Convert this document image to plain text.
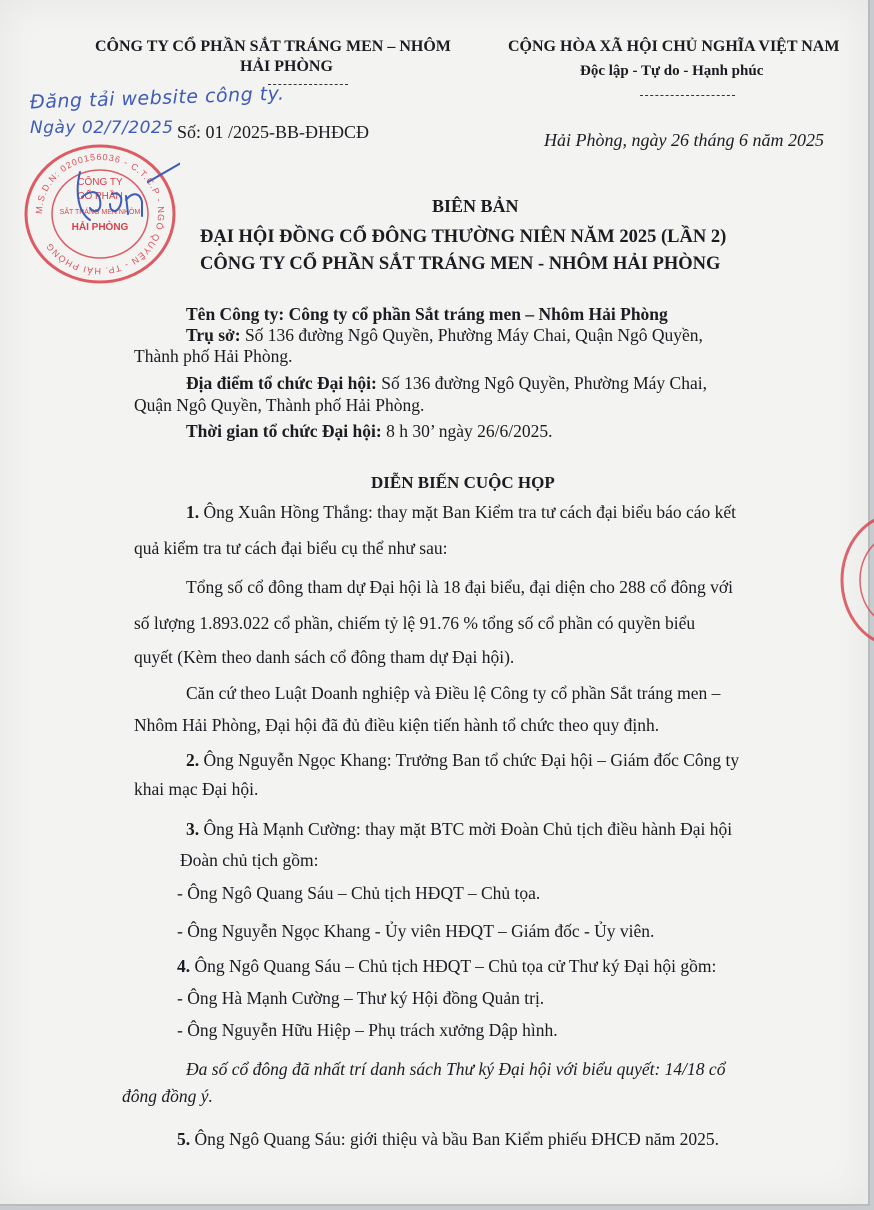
CÔNG TY CỔ PHẦN SẮT TRÁNG MEN – NHÔM
HẢI PHÒNG
CỘNG HÒA XÃ HỘI CHỦ NGHĨA VIỆT NAM
Độc lập - Tự do - Hạnh phúc
Đăng tải website công ty.
Ngày 02/7/2025 Số: 01 /2025-BB-ĐHĐCĐ	Hải Phòng, ngày 26 tháng 6 năm 2025
M.S.D.N: 0200156036 - C.T.C.P - NGÔ QUYỀN - TP. HẢI PHÒNG
CÔNG TY
CỔ PHẦN
SẮT TRÁNG MEN NHÔM
HẢI PHÒNG
BIÊN BẢN
ĐẠI HỘI ĐỒNG CỔ ĐÔNG THƯỜNG NIÊN NĂM 2025 (LẦN 2)
CÔNG TY CỔ PHẦN SẮT TRÁNG MEN - NHÔM HẢI PHÒNG
Tên Công ty: Công ty cổ phần Sắt tráng men – Nhôm Hải Phòng
Trụ sở: Số 136 đường Ngô Quyền, Phường Máy Chai, Quận Ngô Quyền,
Thành phố Hải Phòng.
Địa điểm tổ chức Đại hội: Số 136 đường Ngô Quyền, Phường Máy Chai,
Quận Ngô Quyền, Thành phố Hải Phòng.
Thời gian tổ chức Đại hội: 8 h 30’ ngày 26/6/2025.
DIỄN BIẾN CUỘC HỌP
1. Ông Xuân Hồng Thắng: thay mặt Ban Kiểm tra tư cách đại biểu báo cáo kết
quả kiểm tra tư cách đại biểu cụ thể như sau:
Tổng số cổ đông tham dự Đại hội là 18 đại biểu, đại diện cho 288 cổ đông với
số lượng 1.893.022 cổ phần, chiếm tỷ lệ 91.76 % tổng số cổ phần có quyền biểu
quyết (Kèm theo danh sách cổ đông tham dự Đại hội).
Căn cứ theo Luật Doanh nghiệp và Điều lệ Công ty cổ phần Sắt tráng men –
Nhôm Hải Phòng, Đại hội đã đủ điều kiện tiến hành tổ chức theo quy định.
2. Ông Nguyễn Ngọc Khang: Trưởng Ban tổ chức Đại hội – Giám đốc Công ty
khai mạc Đại hội.
3. Ông Hà Mạnh Cường: thay mặt BTC mời Đoàn Chủ tịch điều hành Đại hội
Đoàn chủ tịch gồm:
- Ông Ngô Quang Sáu – Chủ tịch HĐQT – Chủ tọa.
- Ông Nguyễn Ngọc Khang - Ủy viên HĐQT – Giám đốc - Ủy viên.
4. Ông Ngô Quang Sáu – Chủ tịch HĐQT – Chủ tọa cử Thư ký Đại hội gồm:
- Ông Hà Mạnh Cường – Thư ký Hội đồng Quản trị.
- Ông Nguyễn Hữu Hiệp – Phụ trách xưởng Dập hình.
Đa số cổ đông đã nhất trí danh sách Thư ký Đại hội với biểu quyết: 14/18 cổ
đông đồng ý.
5. Ông Ngô Quang Sáu: giới thiệu và bầu Ban Kiểm phiếu ĐHCĐ năm 2025.
